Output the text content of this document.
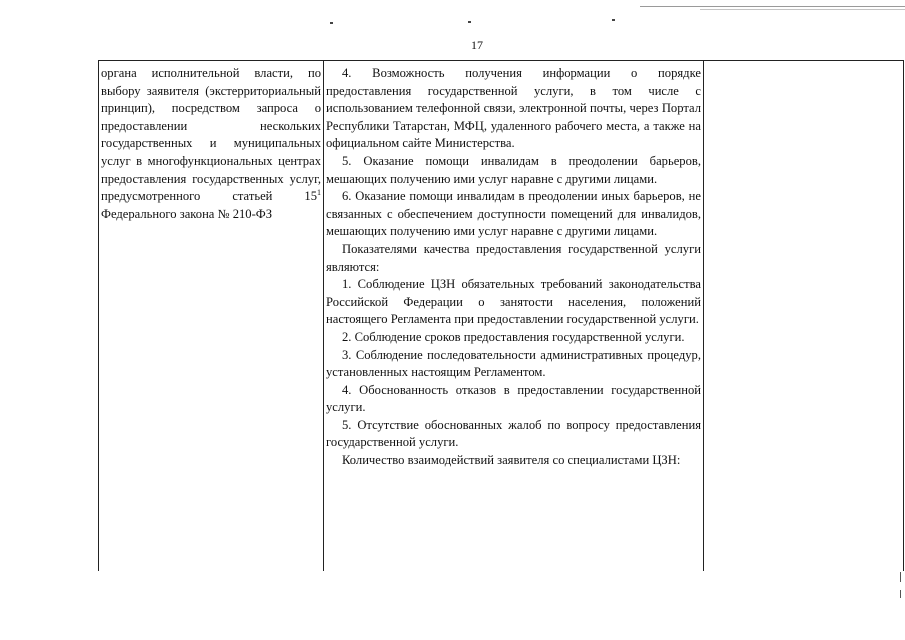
17
органа исполнительной власти, по выбору заявителя (экстерриториальный принцип), посредством запроса о предоставлении нескольких государственных и муниципальных услуг в многофункциональных центрах предоставления государственных услуг, предусмотренного статьей $15^1$ Федерального закона № 210-ФЗ
4. Возможность получения информации о порядке предоставления государственной услуги, в том числе с использованием телефонной связи, электронной почты, через Портал Республики Татарстан, МФЦ, удаленного рабочего места, а также на официальном сайте Министерства.
5. Оказание помощи инвалидам в преодолении барьеров, мешающих получению ими услуг наравне с другими лицами.
6. Оказание помощи инвалидам в преодолении иных барьеров, не связанных с обеспечением доступности помещений для инвалидов, мешающих получению ими услуг наравне с другими лицами.
Показателями качества предоставления государственной услуги являются:
1. Соблюдение ЦЗН обязательных требований законодательства Российской Федерации о занятости населения, положений настоящего Регламента при предоставлении государственной услуги.
2. Соблюдение сроков предоставления государственной услуги.
3. Соблюдение последовательности административных процедур, установленных настоящим Регламентом.
4. Обоснованность отказов в предоставлении государственной услуги.
5. Отсутствие обоснованных жалоб по вопросу предоставления государственной услуги.
Количество взаимодействий заявителя со специалистами ЦЗН:
